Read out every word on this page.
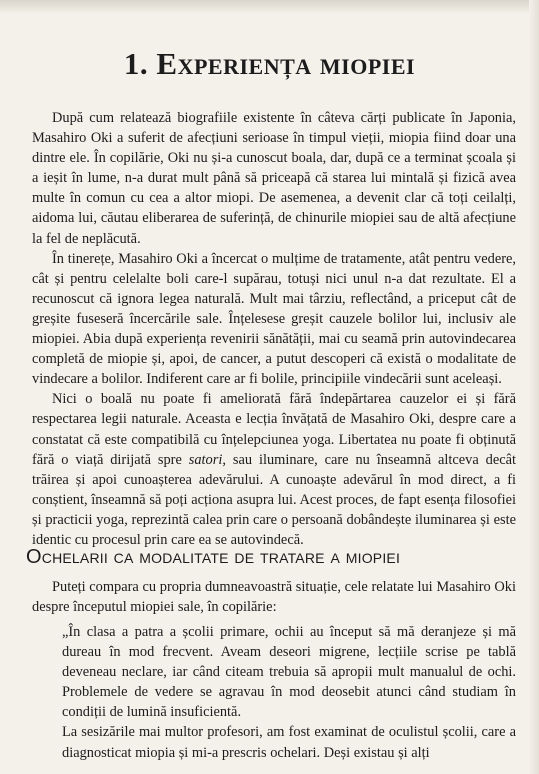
1. Experiența miopiei

După cum relatează biografiile existente în câteva cărți publicate în Japonia, Masahiro Oki a suferit de afecțiuni serioase în timpul vieții, miopia fiind doar una dintre ele. În copilărie, Oki nu și-a cunoscut boala, dar, după ce a terminat școala și a ieșit în lume, n-a durat mult până să priceapă că starea lui mintală și fizică avea multe în comun cu cea a altor miopi. De asemenea, a devenit clar că toți ceilalți, aidoma lui, căutau eliberarea de suferință, de chinurile miopiei sau de altă afecțiune la fel de neplăcută.

În tinerețe, Masahiro Oki a încercat o mulțime de tratamente, atât pentru vedere, cât și pentru celelalte boli care-l supărau, totuși nici unul n-a dat rezultate. El a recunoscut că ignora legea naturală. Mult mai târziu, reflectând, a priceput cât de greșite fuseseră încercările sale. Înțelesese greșit cauzele bolilor lui, inclusiv ale miopiei. Abia după experiența revenirii sănătății, mai cu seamă prin autovindecarea completă de miopie și, apoi, de cancer, a putut descoperi că există o modalitate de vindecare a bolilor. Indiferent care ar fi bolile, principiile vindecării sunt aceleași.

Nici o boală nu poate fi ameliorată fără îndepărtarea cauzelor ei și fără respectarea legii naturale. Aceasta e lecția învățată de Masahiro Oki, despre care a constatat că este compatibilă cu înțelepciunea yoga. Libertatea nu poate fi obținută fără o viață dirijată spre satori, sau iluminare, care nu înseamnă altceva decât trăirea și apoi cunoașterea adevărului. A cunoaște adevărul în mod direct, a fi conștient, înseamnă să poți acționa asupra lui. Acest proces, de fapt esența filosofiei și practicii yoga, reprezintă calea prin care o persoană dobândește iluminarea și este identic cu procesul prin care ea se autovindecă.

Ochelarii ca modalitate de tratare a miopiei

Puteți compara cu propria dumneavoastră situație, cele relatate lui Masahiro Oki despre începutul miopiei sale, în copilărie:

„În clasa a patra a școlii primare, ochii au început să mă deranjeze și mă dureau în mod frecvent. Aveam deseori migrene, lecțiile scrise pe tablă deveneau neclare, iar când citeam trebuia să apropii mult manualul de ochi. Problemele de vedere se agravau în mod deosebit atunci când studiam în condiții de lumină insuficientă.

La sesizările mai multor profesori, am fost examinat de oculistul școlii, care a diagnosticat miopia și mi-a prescris ochelari. Deși existau și alți
